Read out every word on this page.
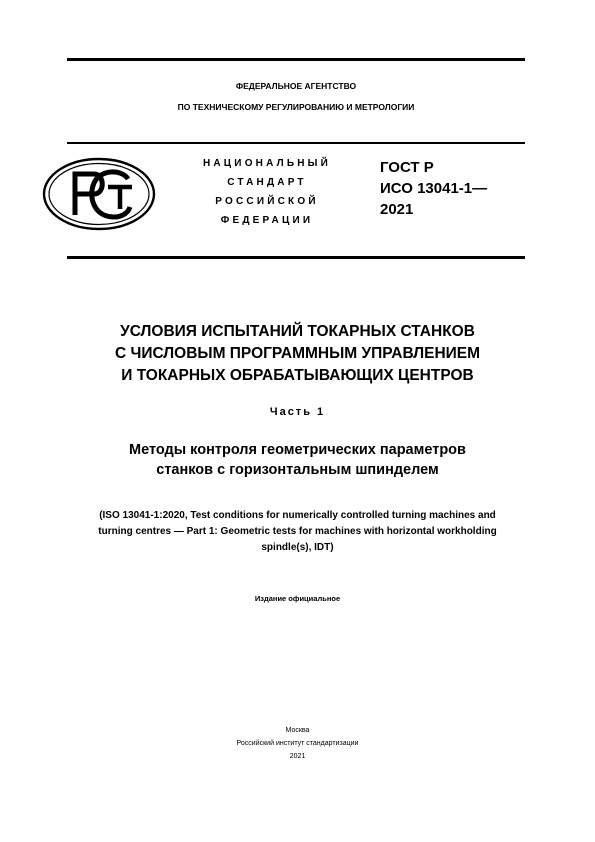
ФЕДЕРАЛЬНОЕ АГЕНТСТВО
ПО ТЕХНИЧЕСКОМУ РЕГУЛИРОВАНИЮ И МЕТРОЛОГИИ
НАЦИОНАЛЬНЫЙ
СТАНДАРТ
РОССИЙСКОЙ
ФЕДЕРАЦИИ
ГОСТ Р
ИСО 13041-1—
2021
УСЛОВИЯ ИСПЫТАНИЙ ТОКАРНЫХ СТАНКОВ
С ЧИСЛОВЫМ ПРОГРАММНЫМ УПРАВЛЕНИЕМ
И ТОКАРНЫХ ОБРАБАТЫВАЮЩИХ ЦЕНТРОВ
Часть 1
Методы контроля геометрических параметров
станков с горизонтальным шпинделем
(ISO 13041-1:2020, Test conditions for numerically controlled turning machines and
turning centres — Part 1: Geometric tests for machines with horizontal workholding
spindle(s), IDT)
Издание официальное
Москва
Российский институт стандартизации
2021
